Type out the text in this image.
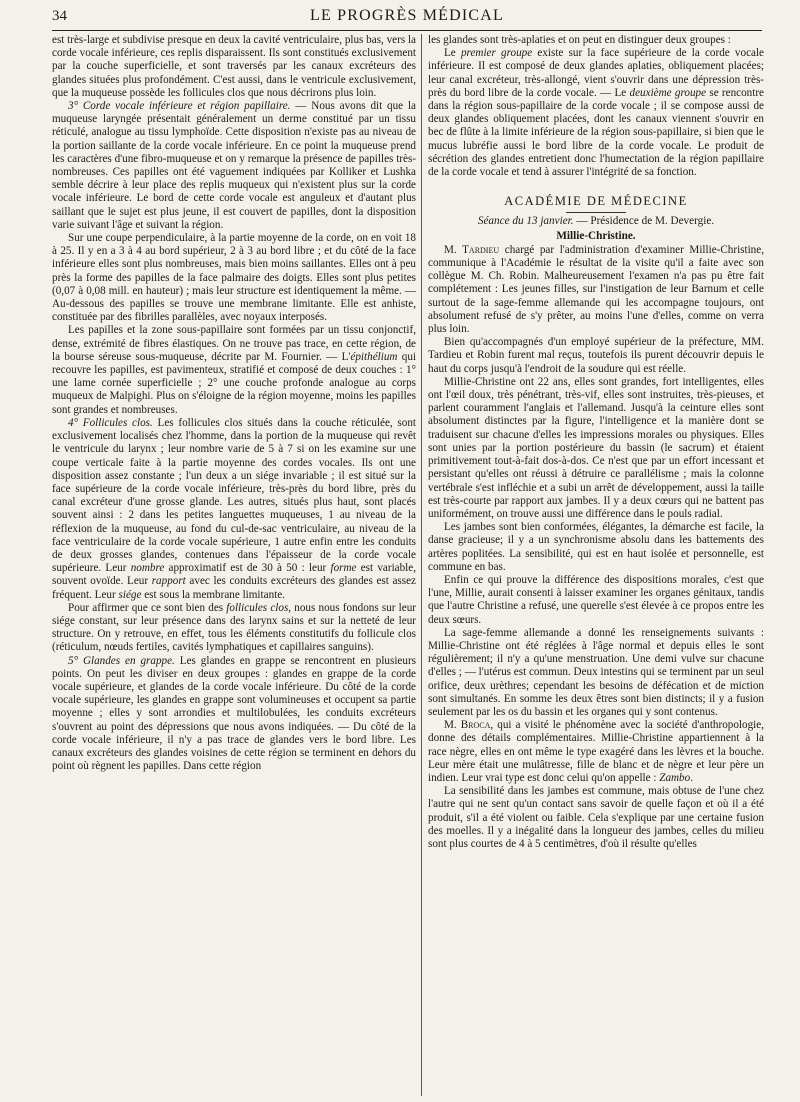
34	LE PROGRÈS MÉDICAL

est très-large et subdivise presque en deux la cavité ventriculaire, plus bas, vers la corde vocale inférieure, ces replis disparaissent. Ils sont constitués exclusivement par la couche superficielle, et sont traversés par les canaux excréteurs des glandes situées plus profondément. C'est aussi, dans le ventricule exclusivement, que la muqueuse possède les follicules clos que nous décrirons plus loin.

3° Corde vocale inférieure et région papillaire. — Nous avons dit que la muqueuse laryngée présentait généralement un derme constitué par un tissu réticulé, analogue au tissu lymphoïde. Cette disposition n'existe pas au niveau de la portion saillante de la corde vocale inférieure. En ce point la muqueuse prend les caractères d'une fibro-muqueuse et on y remarque la présence de papilles très-nombreuses. Ces papilles ont été vaguement indiquées par Kolliker et Lushka semble décrire à leur place des replis muqueux qui n'existent plus sur la corde vocale inférieure. Le bord de cette corde vocale est anguleux et d'autant plus saillant que le sujet est plus jeune, il est couvert de papilles, dont la disposition varie suivant l'âge et suivant la région.

Sur une coupe perpendiculaire, à la partie moyenne de la corde, on en voit 18 à 25. Il y en a 3 à 4 au bord supérieur, 2 à 3 au bord libre ; et du côté de la face inférieure elles sont plus nombreuses, mais bien moins saillantes. Elles ont à peu près la forme des papilles de la face palmaire des doigts. Elles sont plus petites (0,07 à 0,08 mill. en hauteur) ; mais leur structure est identiquement la même. — Au-dessous des papilles se trouve une membrane limitante. Elle est anhiste, constituée par des fibrilles parallèles, avec noyaux interposés.

Les papilles et la zone sous-papillaire sont formées par un tissu conjonctif, dense, extrémité de fibres élastiques. On ne trouve pas trace, en cette région, de la bourse séreuse sous-muqueuse, décrite par M. Fournier. — L'épithélium qui recouvre les papilles, est pavimenteux, stratifié et composé de deux couches : 1° une lame cornée superficielle ; 2° une couche profonde analogue au corps muqueux de Malpighi. Plus on s'éloigne de la région moyenne, moins les papilles sont grandes et nombreuses.

4° Follicules clos. Les follicules clos situés dans la couche réticulée, sont exclusivement localisés chez l'homme, dans la portion de la muqueuse qui revêt le ventricule du larynx ; leur nombre varie de 5 à 7 si on les examine sur une coupe verticale faite à la partie moyenne des cordes vocales. Ils ont une disposition assez constante ; l'un deux a un siége invariable ; il est situé sur la face supérieure de la corde vocale inférieure, très-près du bord libre, près du canal excréteur d'une grosse glande. Les autres, situés plus haut, sont placés souvent ainsi : 2 dans les petites languettes muqueuses, 1 au niveau de la réflexion de la muqueuse, au fond du cul-de-sac ventriculaire, au niveau de la face ventriculaire de la corde vocale supérieure, 1 autre enfin entre les conduits de deux grosses glandes, contenues dans l'épaisseur de la corde vocale supérieure. Leur nombre approximatif est de 30 à 50 : leur forme est variable, souvent ovoïde. Leur rapport avec les conduits excréteurs des glandes est assez fréquent. Leur siége est sous la membrane limitante.

Pour affirmer que ce sont bien des follicules clos, nous nous fondons sur leur siége constant, sur leur présence dans des larynx sains et sur la netteté de leur structure. On y retrouve, en effet, tous les éléments constitutifs du follicule clos (réticulum, nœuds fertiles, cavités lymphatiques et capillaires sanguins).

5° Glandes en grappe. Les glandes en grappe se rencontrent en plusieurs points. On peut les diviser en deux groupes : glandes en grappe de la corde vocale supérieure, et glandes de la corde vocale inférieure. Du côté de la corde vocale supérieure, les glandes en grappe sont volumineuses et occupent sa partie moyenne ; elles y sont arrondies et multilobulées, les conduits excréteurs s'ouvrent au point des dépressions que nous avons indiquées. — Du côté de la corde vocale inférieure, il n'y a pas trace de glandes vers le bord libre. Les canaux excréteurs des glandes voisines de cette région se terminent en dehors du point où règnent les papilles. Dans cette région

les glandes sont très-aplaties et on peut en distinguer deux groupes :

Le premier groupe existe sur la face supérieure de la corde vocale inférieure. Il est composé de deux glandes aplaties, obliquement placées; leur canal excréteur, très-allongé, vient s'ouvrir dans une dépression très-près du bord libre de la corde vocale. — Le deuxième groupe se rencontre dans la région sous-papillaire de la corde vocale ; il se compose aussi de deux glandes obliquement placées, dont les canaux viennent s'ouvrir en bec de flûte à la limite inférieure de la région sous-papillaire, si bien que le mucus lubréfie aussi le bord libre de la corde vocale. Le produit de sécrétion des glandes entretient donc l'humectation de la région papillaire de la corde vocale et tend à assurer l'intégrité de sa fonction.

ACADÉMIE DE MÉDECINE
Séance du 13 janvier. — Présidence de M. Devergie.
Millie-Christine.

M. Tardieu chargé par l'administration d'examiner Millie-Christine, communique à l'Académie le résultat de la visite qu'il a faite avec son collègue M. Ch. Robin. Malheureusement l'examen n'a pas pu être fait complétement : Les jeunes filles, sur l'instigation de leur Barnum et celle surtout de la sage-femme allemande qui les accompagne toujours, ont absolument refusé de s'y prêter, au moins l'une d'elles, comme on verra plus loin.

Bien qu'accompagnés d'un employé supérieur de la préfecture, MM. Tardieu et Robin furent mal reçus, toutefois ils purent découvrir depuis le haut du corps jusqu'à l'endroit de la soudure qui est réelle.

Millie-Christine ont 22 ans, elles sont grandes, fort intelligentes, elles ont l'œil doux, très pénétrant, très-vif, elles sont instruites, très-pieuses, et parlent couramment l'anglais et l'allemand. Jusqu'à la ceinture elles sont absolument distinctes par la figure, l'intelligence et la manière dont se traduisent sur chacune d'elles les impressions morales ou physiques. Elles sont unies par la portion postérieure du bassin (le sacrum) et étaient primitivement tout-à-fait dos-à-dos. Ce n'est que par un effort incessant et persistant qu'elles ont réussi à détruire ce parallélisme ; mais la colonne vertébrale s'est infléchie et a subi un arrêt de développement, aussi la taille est très-courte par rapport aux jambes. Il y a deux cœurs qui ne battent pas uniformément, on trouve aussi une différence dans le pouls radial.

Les jambes sont bien conformées, élégantes, la démarche est facile, la danse gracieuse; il y a un synchronisme absolu dans les battements des artères poplitées. La sensibilité, qui est en haut isolée et personnelle, est commune en bas.

Enfin ce qui prouve la différence des dispositions morales, c'est que l'une, Millie, aurait consenti à laisser examiner les organes génitaux, tandis que l'autre Christine a refusé, une querelle s'est élevée à ce propos entre les deux sœurs.

La sage-femme allemande a donné les renseignements suivants : Millie-Christine ont été réglées à l'âge normal et depuis elles le sont régulièrement; il n'y a qu'une menstruation. Une demi vulve sur chacune d'elles ; — l'utérus est commun. Deux intestins qui se terminent par un seul orifice, deux urèthres; cependant les besoins de défécation et de miction sont simultanés. En somme les deux êtres sont bien distincts; il y a fusion seulement par les os du bassin et les organes qui y sont contenus.

M. Broca, qui a visité le phénomène avec la société d'anthropologie, donne des détails complémentaires. Millie-Christine appartiennent à la race nègre, elles en ont même le type exagéré dans les lèvres et la bouche. Leur mère était une mulâtresse, fille de blanc et de nègre et leur père un indien. Leur vrai type est donc celui qu'on appelle : Zambo.

La sensibilité dans les jambes est commune, mais obtuse de l'une chez l'autre qui ne sent qu'un contact sans savoir de quelle façon et où il a été produit, s'il a été violent ou faible. Cela s'explique par une certaine fusion des moelles. Il y a inégalité dans la longueur des jambes, celles du milieu sont plus courtes de 4 à 5 centimètres, d'où il résulte qu'elles
